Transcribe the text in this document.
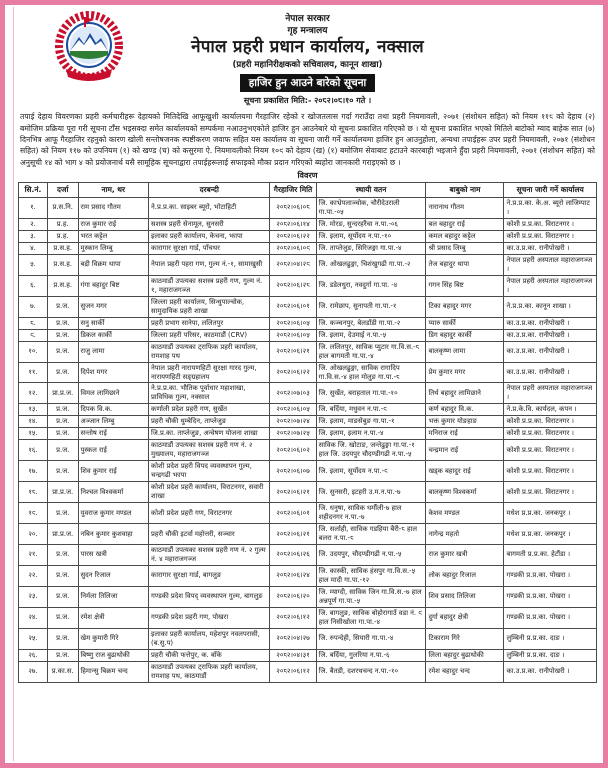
नेपाल सरकार
गृह मन्त्रालय
नेपाल प्रहरी प्रधान कार्यालय, नक्साल
(प्रहरी महानिरीक्षकको सचिवालय, कानून शाखा)
हाजिर हुन आउने बारेको सूचना
सूचना प्रकाशित मिति:- २०८२।०८।१० गते ।

तपाई देहाय विवरणका प्रहरी कर्मचारीहरू देहायको मितिदेखि आफूखुशी कार्यालयमा गैरहाजिर रहेको र खोजतलास गर्दा गराउँदा तथा प्रहरी नियमावली, २०७१ (संशोधन सहित) को नियम ११८ को देहाय (२) बमोजिम प्रक्रिया पूरा गरी सूचना टाँस भइसक्दा समेत कार्यालयको सम्पर्कमा नआउनुभएकोले हाजिर हुन आउनेबारे यो सूचना प्रकाशित गरिएको छ । यो सूचना प्रकाशित भएको मितिले बाटोको म्याद बाहेक सात (७) दिनभित्र आफू गैरहाजिर रहनुको कारण खोली सन्तोषजनक स्पष्टीकरण जवाफ सहित यस कार्यालय वा सूचना जारी गर्ने कार्यालयमा हाजिर हुन आउनुहोला, अन्यथा तपाईहरू उपर प्रहरी नियमावली, २०७१ (संशोधन सहित) को नियम ११७ को उपनियम (१) को खण्ड (च) को कसुरमा ऐ. नियमावलीको नियम १०९ को देहाय (ख) (१) बमोजिम सेवाबाट हटाउने कारबाही भइजाने हुँदा प्रहरी नियमावली, २०७१ (संशोधन सहित) को अनुसूची १४ को भाग ४ को प्रयोजनार्थ यसै सामूहिक सूचनाद्वारा तपाईहरूलाई सफाइको मौका प्रदान गरिएको ब्यहोरा जानकारी गराइएको छ ।

विवरण
सि.नं.	दर्जा	नाम, थर	दरबन्दी	गैरहाजिर मिति	स्थायी वतन	बाबुको नाम	सूचना जारी गर्ने कार्यालय
१.	प्र.स.नि.	राम प्रसाद गौतम	ने.प्र.प्र.का. साइबर ब्यूरो, भोटाहिटी	२०८२।०६।०८	जि. काभ्रेपलाञ्चोक, चौरीदेउराली गा.पा.-०५	नारानाथ गौतम	ने.प्र.प्र.का. के.अ. ब्यूरो लाजिम्पाट ।
२.	प्र.ह.	राज कुमार राई	सशस्त्र प्रहरी सेनामूल, सुनसरी	२०८२।०६।१४	जि. मोरङ, सुन्दरहरैंचा न.पा.-०६	बल बहादुर राई	कोशी प्र.प्र.का. विराटनगर ।
३.	प्र.ह.	भरत कट्टेल	इलाका प्रहरी कार्यालय, केचना, झापा	२०८२।०६।२२	जि. इलाम, सूर्योदय न.पा.-१०	कमल बहादुर कट्टेल	कोशी प्र.प्र.का. विराटनगर ।
४.	प्र.स.ह.	मुस्कान लिम्बु	कारागार सुरक्षा गार्ड, पाँचथर	२०८२।०६।०९	जि. ताप्लेजुङ, सिरिजङ्गा गा.पा.-४	श्री प्रसाद लिम्बु	का.उ.प्र.का. रानीपोखरी ।
५.	प्र.स.ह.	बद्री विक्रम थापा	नेपाल प्रहरी पहरा गण, गुल्म नं.-१, सामाखुसी	२०८२।०४।२९	जि. ओखलढुङ्गा, चिशंखुगढी गा.पा.-२	तेज बहादुर थापा	नेपाल प्रहरी अस्पताल महाराजगञ्ज ।
६.	प्र.स.ह.	गंगा बहादुर बिष्ट	काठमाडौं उपत्यका सशस्त्र प्रहरी गण, गुल्म नं. १, महाराजगञ्ज	२०८२।०६।२८	जि. डडेलधुरा, नवदुर्गा गा.पा. -४	गगन सिंह बिष्ट	नेपाल प्रहरी अस्पताल महाराजगञ्ज ।
७.	प्र.ज.	सुजन मगर	जिल्ला प्रहरी कार्यालय, सिन्धुपाल्चोक, सामुदायिक प्रहरी शाखा	२०८२।०६।०१	जि. रामेछाप, सुनापती गा.पा.-१	टिका बहादुर मगर	ने.प्र.प्र.का. कानून शाखा ।
८.	प्र.ज.	सनु सार्की	प्रहरी प्रभाग सानेपा, ललितपुर	२०८२।०६।०५	जि. कञ्चनपुर, बेलडाँडी गा.पा.-२	प्यारु सार्की	का.उ.प्र.का. रानीपोखरी ।
९.	प्र.ज.	डिकल कार्की	जिल्ला प्रहरी परिसर, काठमाडौं (CRV)	२०८२।०६।०५	जि. इलाम, देउमाई न.पा.-५	डिग बहादुर कार्की	का.उ.प्र.का. रानीपोखरी ।
१०.	प्र.ज.	राजु लामा	काठमाडौं उपत्यका ट्राफिक प्रहरी कार्यालय, रामशाह पथ	२०८२।०६।२१	जि. ललितपुर, साविक प्युटार गा.वि.स.-८ हाल बागमती गा.पा.-४	बालकृष्ण लामा	का.उ.प्र.का. रानीपोखरी ।
११.	प्र.ज.	दिपेश मगर	नेपाल प्रहरी नारायणहिटी सुरक्षा गारद गुल्म, नारायणहिटी सङ्ग्रहालय	२०८२।०६।२२	जि. ओखलढुङ्गा, साविक रागादिप गा.वि.स.-४ हाल मोलुङ गा.पा.-८	प्रेम कुमार मगर	का.उ.प्र.का. रानीपोखरी ।
१२.	प्रा.प्र.ज.	विमल लामिछाने	ने.प्र.प्र.का. भौतिक पूर्वाधार महाशाखा, प्राविधिक गुल्म, नक्साल	२०८२।०७।०३	जि. सुर्खेत, बराहताल गा.पा.-१०	तिर्थ बहादुर लामिछाने	नेपाल प्रहरी अस्पताल महाराजगञ्ज ।
१३.	प्र.ज.	दिपक वि.क.	कर्णाली प्रदेश प्रहरी गण, सुर्खेत	२०८२।०६।०५	जि. बर्दिया, मधुवन न.पा.-९	कर्ण बहादुर वि.क.	ने.प्र.के.वि. कार्यदल, कपन ।
१४.	प्र.ज.	अञ्जान लिम्बु	प्रहरी चौकी थुम्बेदिन, ताप्लेजुङ	२०८२।०७।२४	जि. इलाम, माङसेबुङ गा.पा.-१	भक्त कुमार योङहाङ	कोशी प्र.प्र.का. विराटनगर ।
१५.	प्र.ज.	सन्तोष राई	जि.प्र.का. ताप्लेजुङ, अन्वेषण योजना शाखा	२०८२।०७।२५	जि. इलाम, इलाम न.पा.-४	मनिराज राई	कोशी प्र.प्र.का. विराटनगर ।
१६.	प्र.ज.	पुस्कल राई	काठमाडौं उपत्यका सशस्त्र प्रहरी गण नं. २ मुख्यालय, महाराजगञ्ज	२०८२।०६।०२	साविक जि. खोटाङ, जन्तेढुङ्गा गा.पा.-१ हाल जि. उदयपुर चौदण्डीगढी न.पा.-५	चन्द्रमान राई	कोशी प्र.प्र.का. विराटनगर ।
१७.	प्र.ज.	शिव कुमार राई	कोशी प्रदेश प्रहरी विपद व्यवस्थापन गुल्म, चन्द्रगढी झापा	२०८२।०६।०७	जि. इलाम, सूर्योदय न.पा.-९	खड्क बहादुर राई	कोशी प्र.प्र.का. विराटनगर ।
१८.	प्रा.प्र.ज.	निश्चल विश्वकर्मा	कोशी प्रदेश प्रहरी कार्यालय, विराटनगर, सवारी शाखा	२०८२।०६।२१	जि. सुनसरी, इटहरी उ.म.न.पा.-७	बालकृष्ण विश्वकर्मा	कोशी प्र.प्र.का. विराटनगर ।
१९.	प्र.ज.	युवराज कुमार मण्डल	कोशी प्रदेश प्रहरी गण, विराटनगर	२०८२।०६।०१	जि. धनुषा, साविक धर्मौली-७ हाल शहीदनगर न.पा.-७	केशव मण्डल	मधेश प्र.प्र.का. जनकपुर ।
२०.	प्रा.प्र.ज.	नबिन कुमार कुशवाहा	प्रहरी चौकी इटर्वा महोत्तरी, सञ्चार	२०८२।०६।२१	जि. सर्लाही, साविक गडहिया बैरी-८ हाल बलरा न.पा.-८	नागेन्द्र महतो	मधेश प्र.प्र.का. जनकपुर ।
२१.	प्र.ज.	पारस खत्री	काठमाडौं उपत्यका सशस्त्र प्रहरी गण नं. २ गुल्म नं. ४ महाराजगञ्ज	२०८२।०६।२६	जि. उदयपुर, चौदण्डीगढी न.पा.-५	राज कुमार खत्री	बागमती प्र.प्र.का. हेटौंडा ।
२२.	प्र.ज.	सुदन रिजाल	कारागार सुरक्षा गार्ड, बागलुङ	२०८२।०६।२४	जि. कास्की, साविक हंसपुर गा.वि.स.-५ हाल मादी गा.पा.-१२	लोक बहादुर रिजाल	गण्डकी प्र.प्र.का. पोखरा ।
२३.	प्र.ज.	निर्मला तिलिजा	गण्डकी प्रदेश विपद् व्यवस्थापन गुल्म, बागलुङ	२०८२।०६।२०	जि. म्याग्दी, साविक जिन गा.वि.स.-७ हाल अन्नपूर्ण गा.पा.-५	शिव प्रसाद तिलिजा	गण्डकी प्र.प्र.का. पोखरा ।
२४.	प्र.ज.	रमेश क्षेत्री	गण्डकी प्रदेश प्रहरी गण, पोखरा	२०८२।०६।१२	जि. बागलुङ, साविक बोहोरागाउँ वडा नं. ९ हाल निसीखोला गा.पा.-४	दुर्गा बहादुर क्षेत्री	गण्डकी प्र.प्र.का. पोखरा ।
२५.	प्र.ज.	खेम कुमारी गिरे	इलाका प्रहरी कार्यालय, महेशपुर नवलपरासी, (ब.सु.प)	२०८२।०४।२७	जि. रुपन्देही, सियारी गा.पा.-४	टिकाराम गिरे	लुम्बिनी प्र.प्र.का. दाङ ।
२६.	प्र.ज.	बिष्णु राज बुढाथोकी	प्रहरी चौकी फत्तेपुर, क. बाँके	२०८२।०४।३१	जि. बर्दिया, गुलरिया न.पा.-६	लिला बहादुर बुढाथोकी	लुम्बिनी प्र.प्र.का. दाङ ।
२७.	प्र.का.स.	हिमान्सु बिक्रम चन्द	काठमाडौं उपत्यका ट्राफिक प्रहरी कार्यालय, रामशाह पथ, काठमाडौं	२०८२।०६।१२	जि. बैतडी, दशरथचन्द न.पा.-१०	रमेश बहादुर चन्द	का.उ.प्र.का. रानीपोखरी ।
